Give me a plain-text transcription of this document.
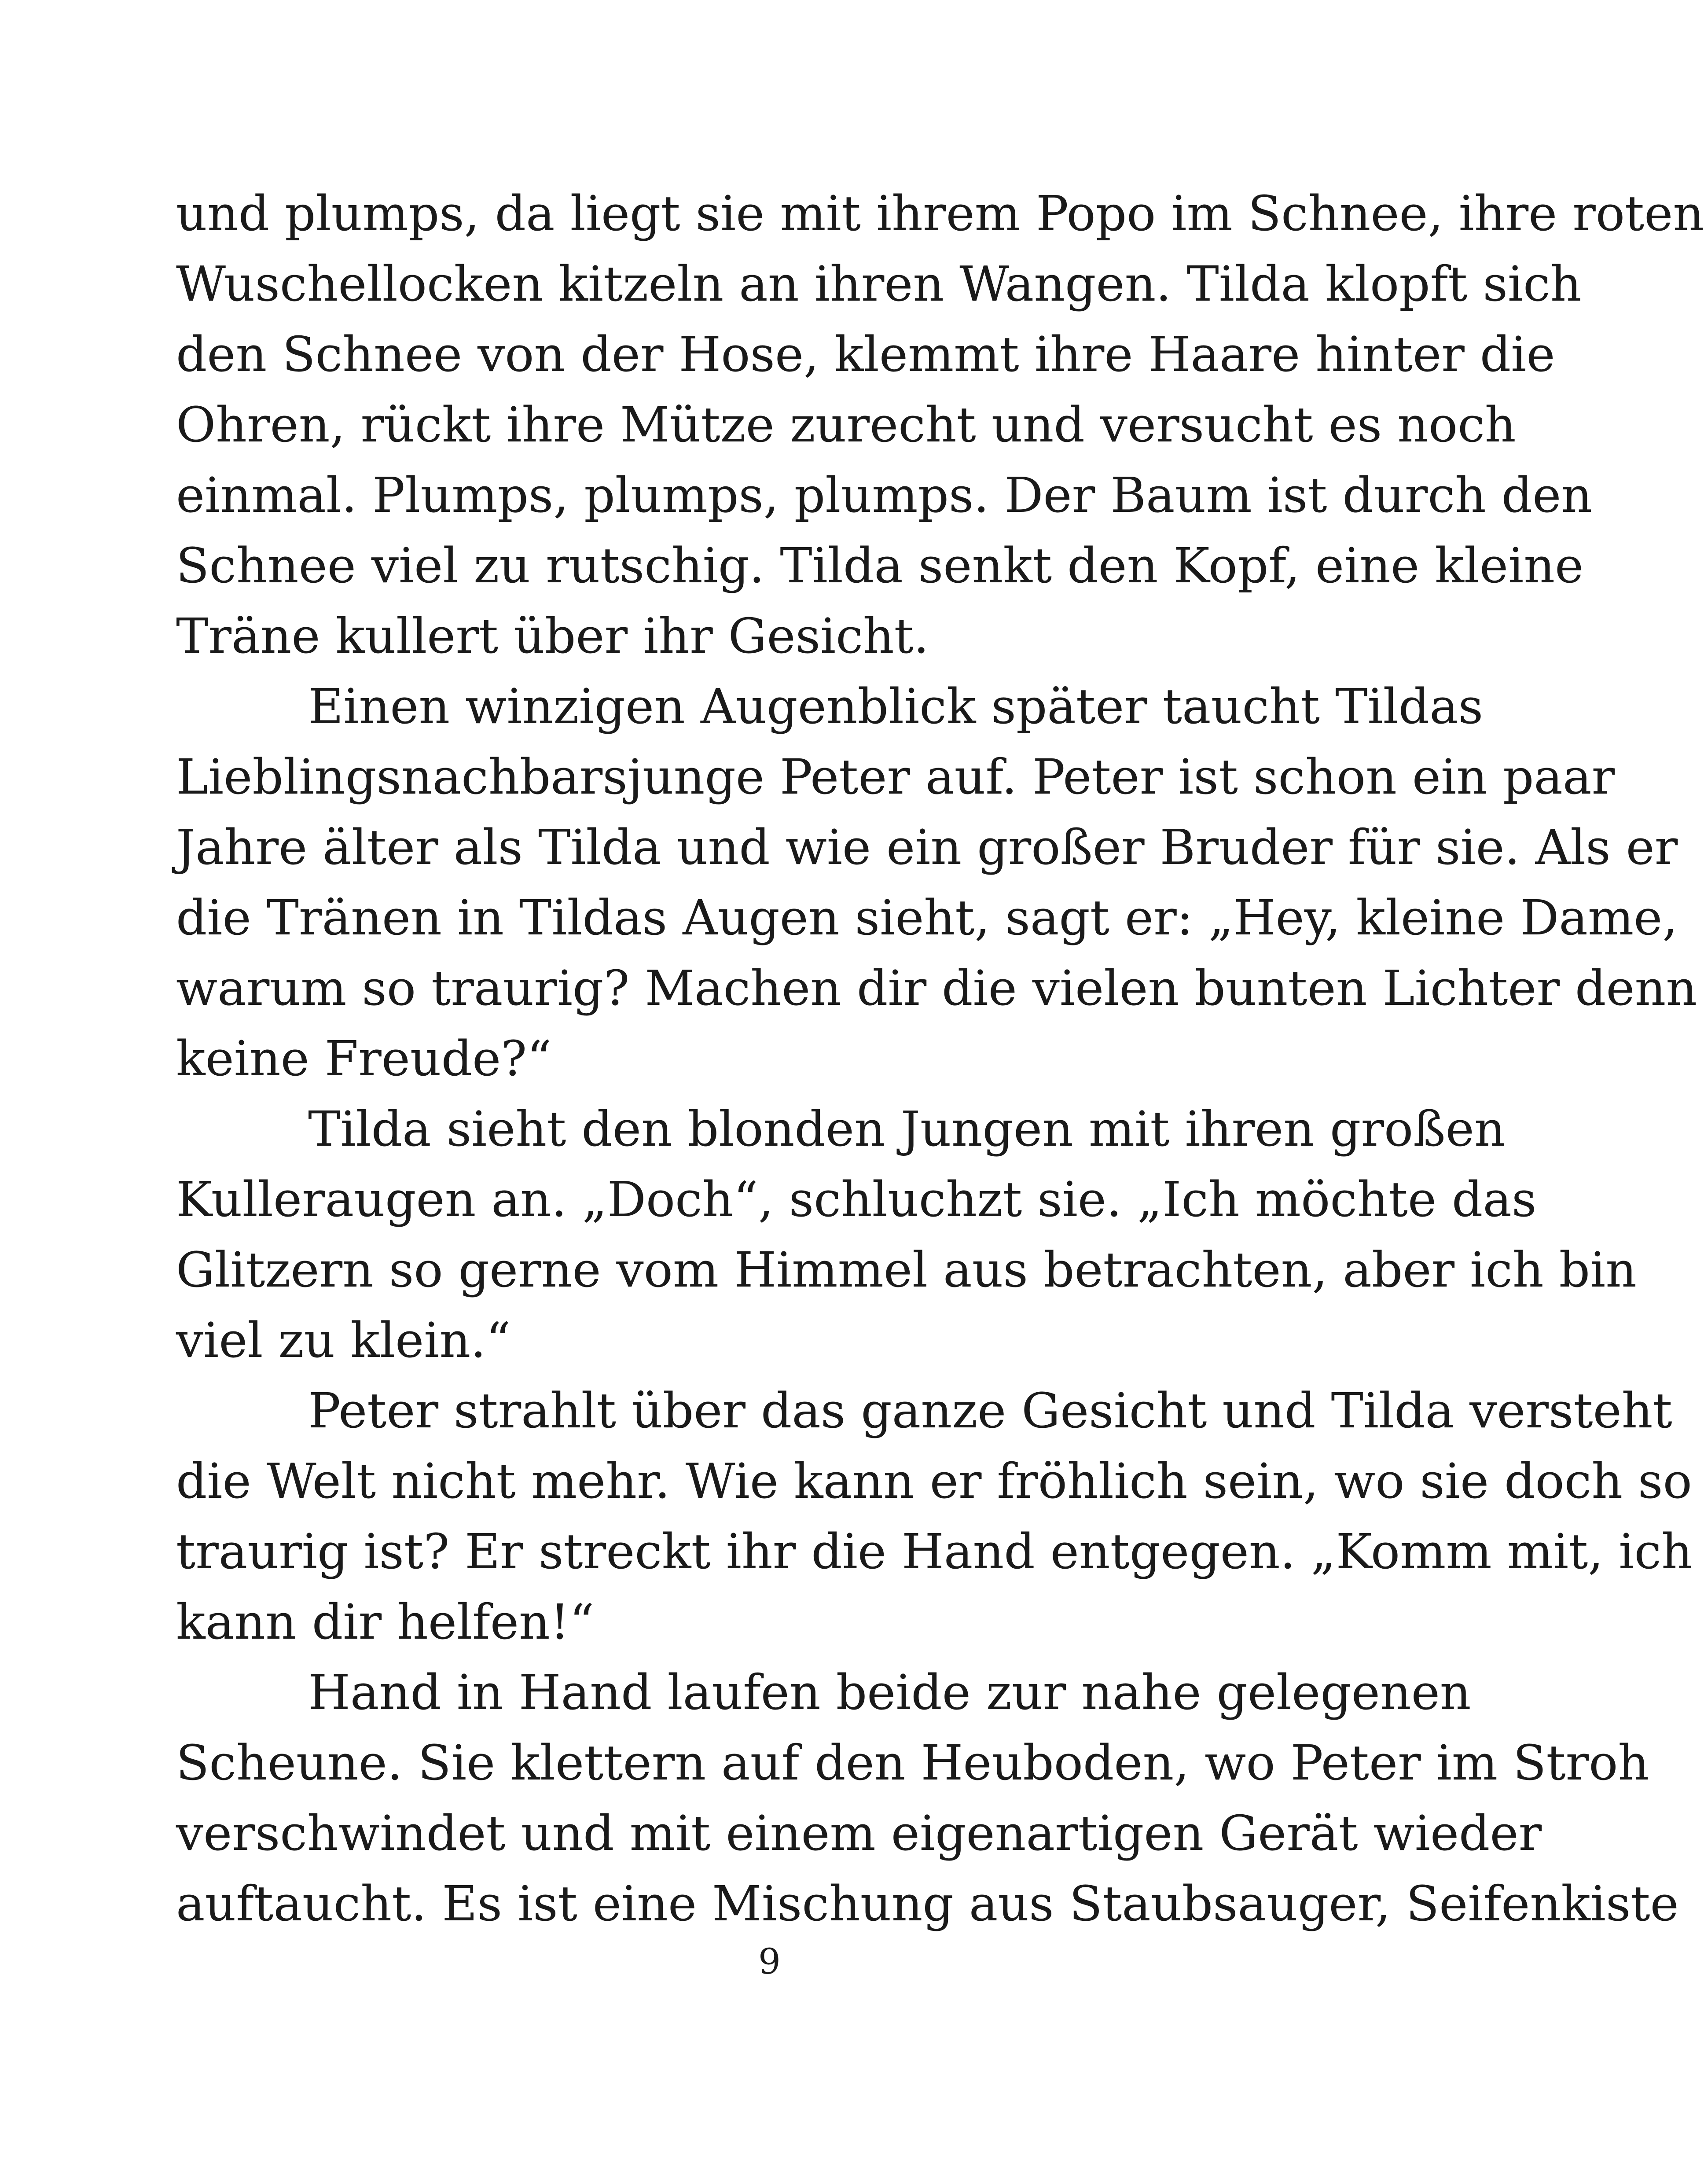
und plumps, da liegt sie mit ihrem Popo im Schnee, ihre roten
Wuschellocken kitzeln an ihren Wangen. Tilda klopft sich
den Schnee von der Hose, klemmt ihre Haare hinter die
Ohren, rückt ihre Mütze zurecht und versucht es noch
einmal. Plumps, plumps, plumps. Der Baum ist durch den
Schnee viel zu rutschig. Tilda senkt den Kopf, eine kleine
Träne kullert über ihr Gesicht.
Einen winzigen Augenblick später taucht Tildas
Lieblingsnachbarsjunge Peter auf. Peter ist schon ein paar
Jahre älter als Tilda und wie ein großer Bruder für sie. Als er
die Tränen in Tildas Augen sieht, sagt er: „Hey, kleine Dame,
warum so traurig? Machen dir die vielen bunten Lichter denn
keine Freude?“
Tilda sieht den blonden Jungen mit ihren großen
Kulleraugen an. „Doch“, schluchzt sie. „Ich möchte das
Glitzern so gerne vom Himmel aus betrachten, aber ich bin
viel zu klein.“
Peter strahlt über das ganze Gesicht und Tilda versteht
die Welt nicht mehr. Wie kann er fröhlich sein, wo sie doch so
traurig ist? Er streckt ihr die Hand entgegen. „Komm mit, ich
kann dir helfen!“
Hand in Hand laufen beide zur nahe gelegenen
Scheune. Sie klettern auf den Heuboden, wo Peter im Stroh
verschwindet und mit einem eigenartigen Gerät wieder
auftaucht. Es ist eine Mischung aus Staubsauger, Seifenkiste
9
